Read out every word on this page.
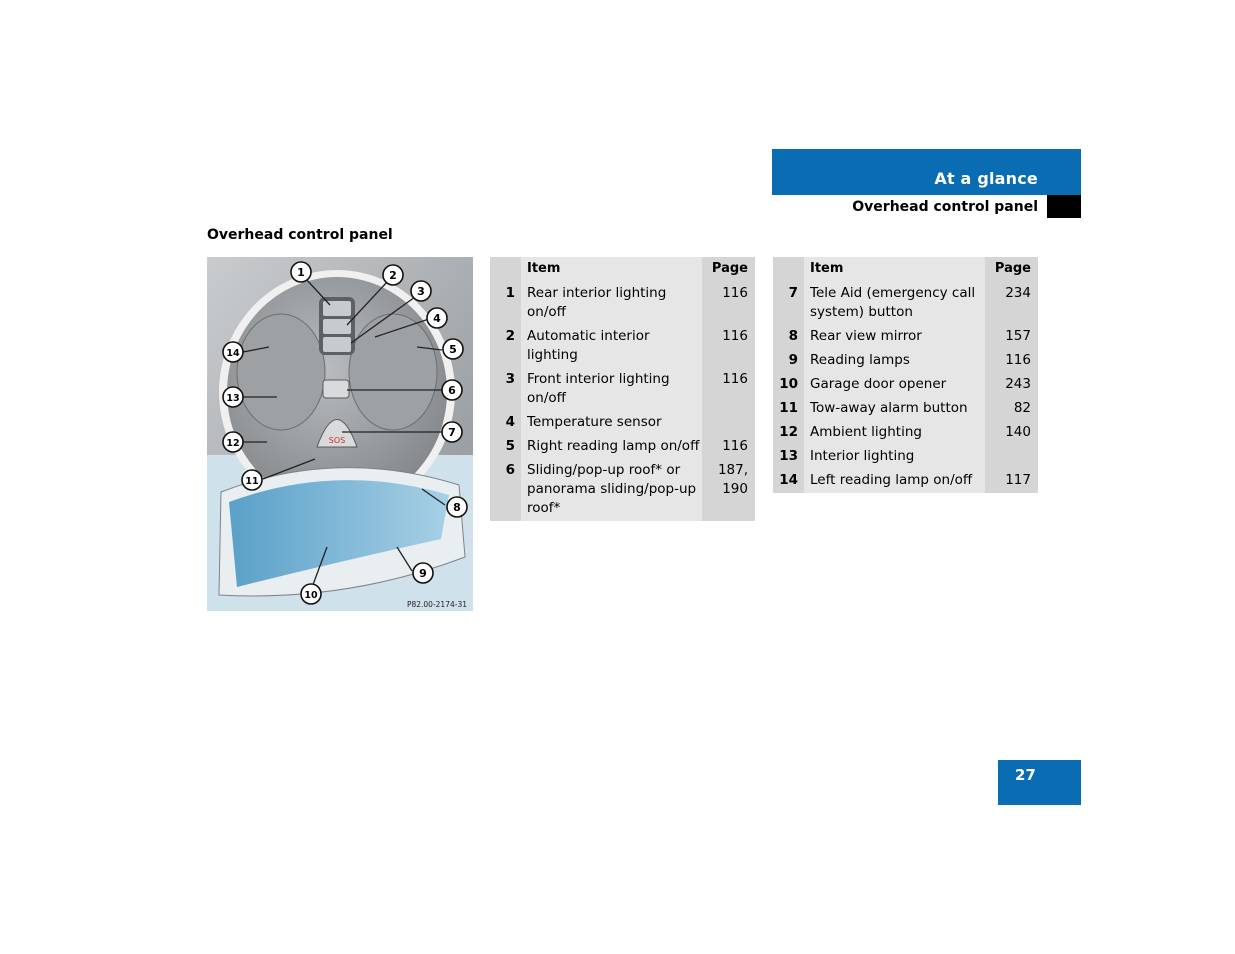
At a glance
Overhead control panel
Overhead control panel
SOS
1	2
3
4
5
6
7
8
9
10
11
12
13
14
P82.00-2174-31
	Item	Page
1	Rear interior lighting on/off	116
2	Automatic interior lighting	116
3	Front interior lighting on/off	116
4	Temperature sensor	
5	Right reading lamp on/off	116
6	Sliding/pop-up roof* or panorama sliding/pop-up roof*	187, 190
	Item	Page
7	Tele Aid (emergency call system) button	234
8	Rear view mirror	157
9	Reading lamps	116
10	Garage door opener	243
11	Tow-away alarm button	82
12	Ambient lighting	140
13	Interior lighting	
14	Left reading lamp on/off	117
27
